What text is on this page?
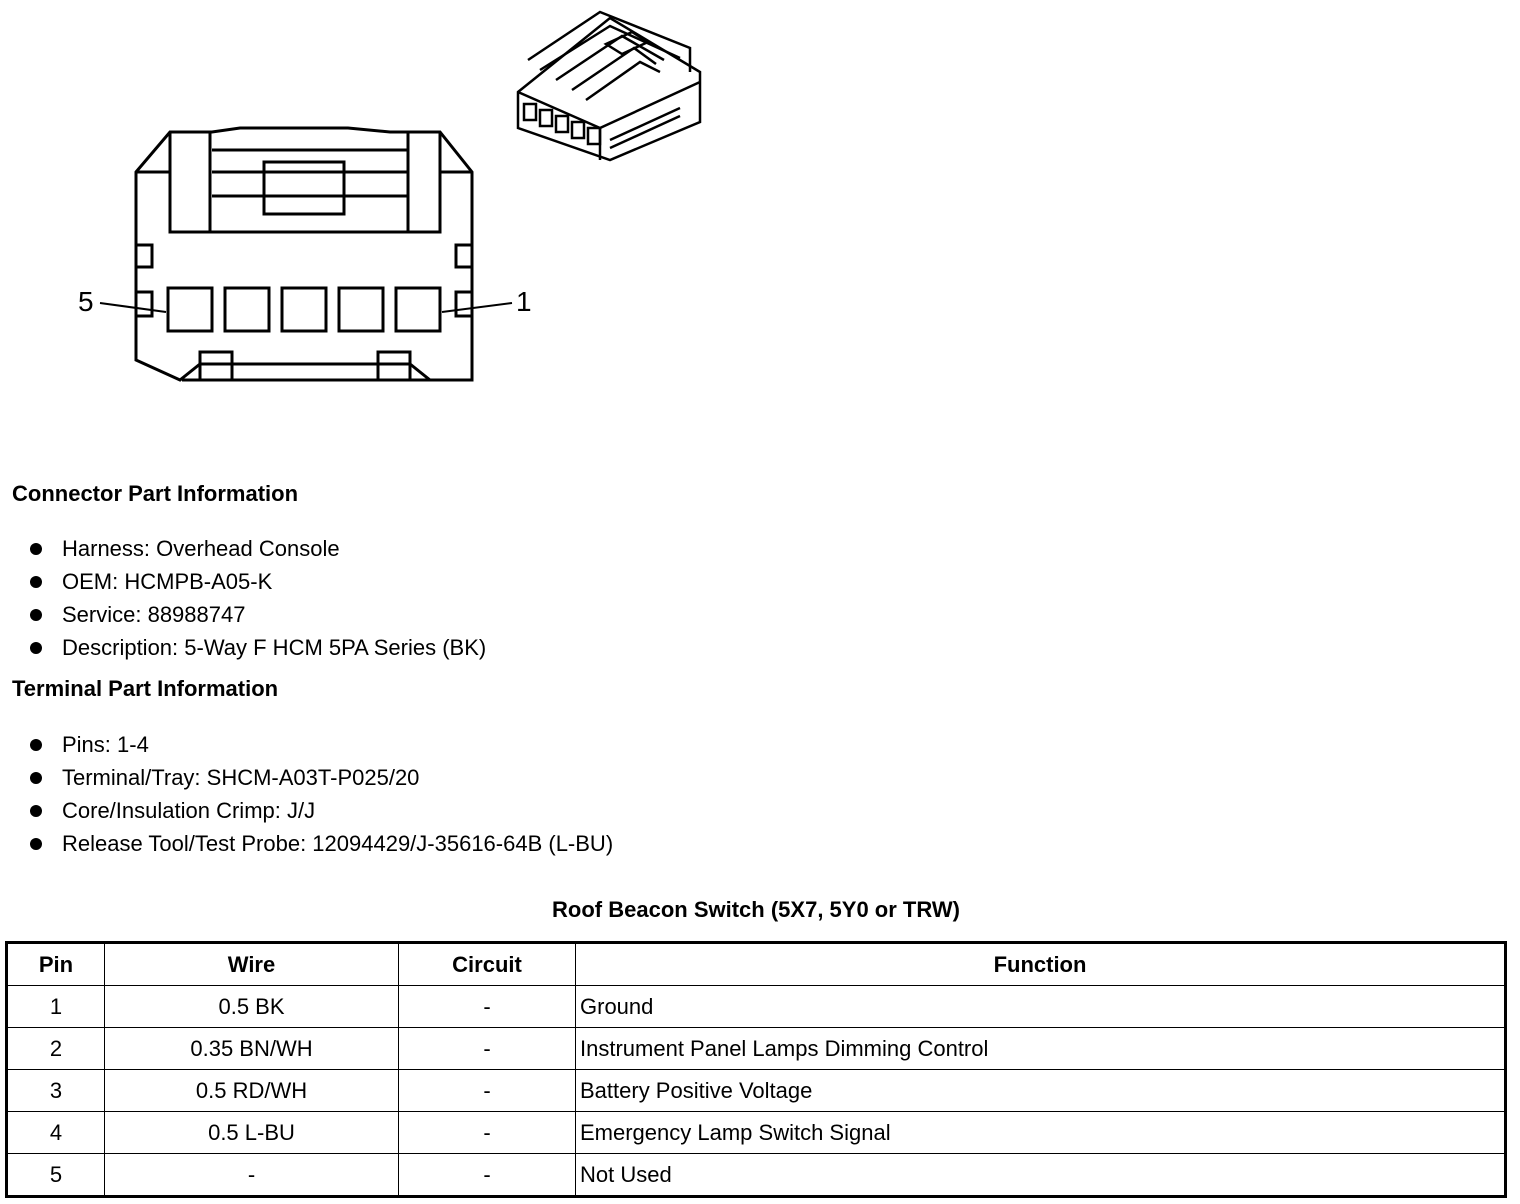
5	1
Connector Part Information
Harness: Overhead Console
OEM: HCMPB-A05-K
Service: 88988747
Description: 5-Way F HCM 5PA Series (BK)
Terminal Part Information
Pins: 1-4
Terminal/Tray: SHCM-A03T-P025/20
Core/Insulation Crimp: J/J
Release Tool/Test Probe: 12094429/J-35616-64B (L-BU)
Roof Beacon Switch (5X7, 5Y0 or TRW)
Pin	Wire	Circuit	Function
1	0.5 BK	-	Ground
2	0.35 BN/WH	-	Instrument Panel Lamps Dimming Control
3	0.5 RD/WH	-	Battery Positive Voltage
4	0.5 L-BU	-	Emergency Lamp Switch Signal
5	-	-	Not Used
